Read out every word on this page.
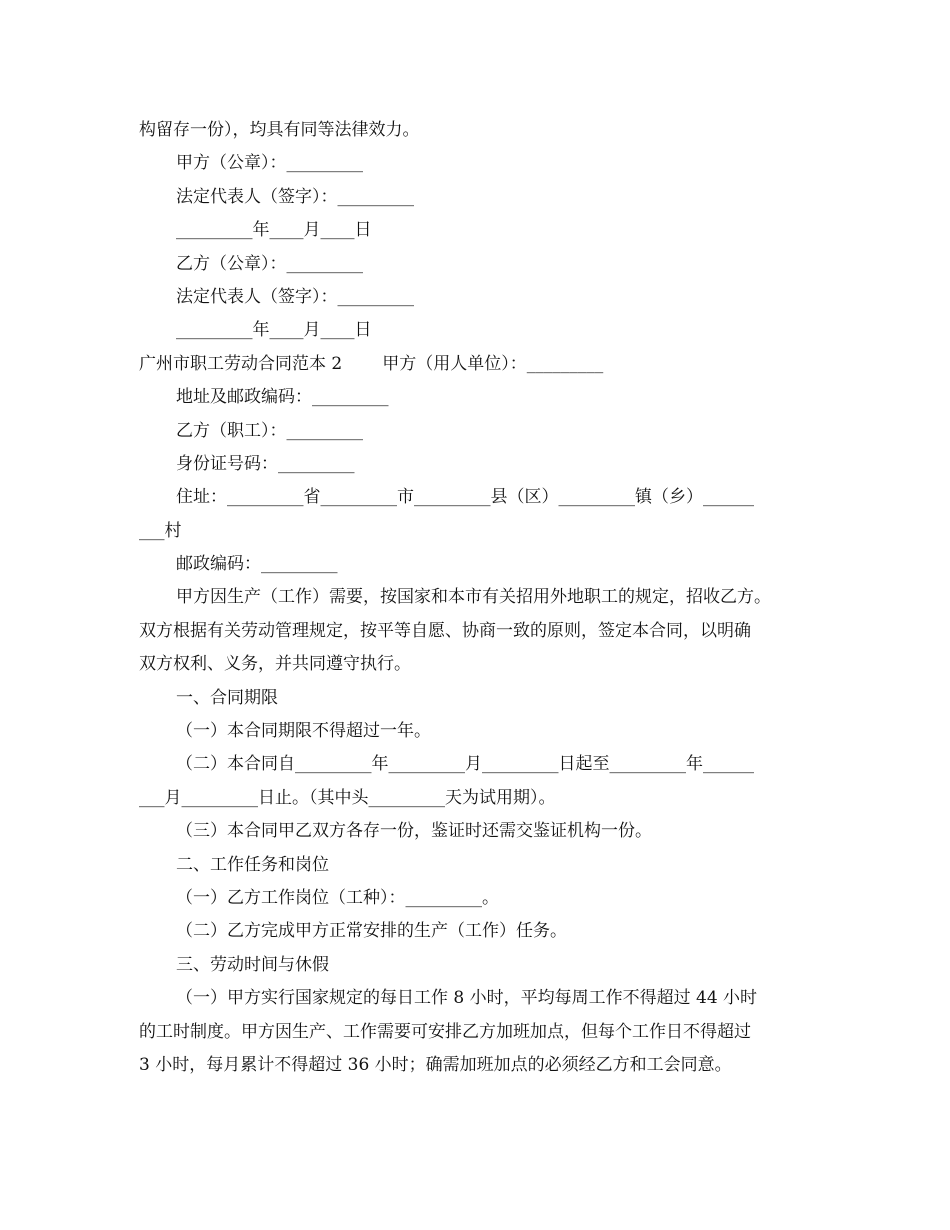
构留存一份），均具有同等法律效力。
甲方（公章）：_________
法定代表人（签字）：_________
_________年____月____日
乙方（公章）：_________
法定代表人（签字）：_________
_________年____月____日
广州市职工劳动合同范本 2 甲方（用人单位）：_________
地址及邮政编码：_________
乙方（职工）：_________
身份证号码：_________
住址：_________省_________市_________县（区）_________镇（乡）______
___村
邮政编码：_________
甲方因生产（工作）需要，按国家和本市有关招用外地职工的规定，招收乙方。
双方根据有关劳动管理规定，按平等自愿、协商一致的原则，签定本合同，以明确
双方权利、义务，并共同遵守执行。
一、合同期限
（一）本合同期限不得超过一年。
（二）本合同自_________年_________月_________日起至_________年______
___月_________日止。（其中头_________天为试用期）。
（三）本合同甲乙双方各存一份，鉴证时还需交鉴证机构一份。
二、工作任务和岗位
（一）乙方工作岗位（工种）：_________。
（二）乙方完成甲方正常安排的生产（工作）任务。
三、劳动时间与休假
（一）甲方实行国家规定的每日工作 8 小时，平均每周工作不得超过 44 小时
的工时制度。甲方因生产、工作需要可安排乙方加班加点，但每个工作日不得超过
3 小时，每月累计不得超过 36 小时；确需加班加点的必须经乙方和工会同意。
